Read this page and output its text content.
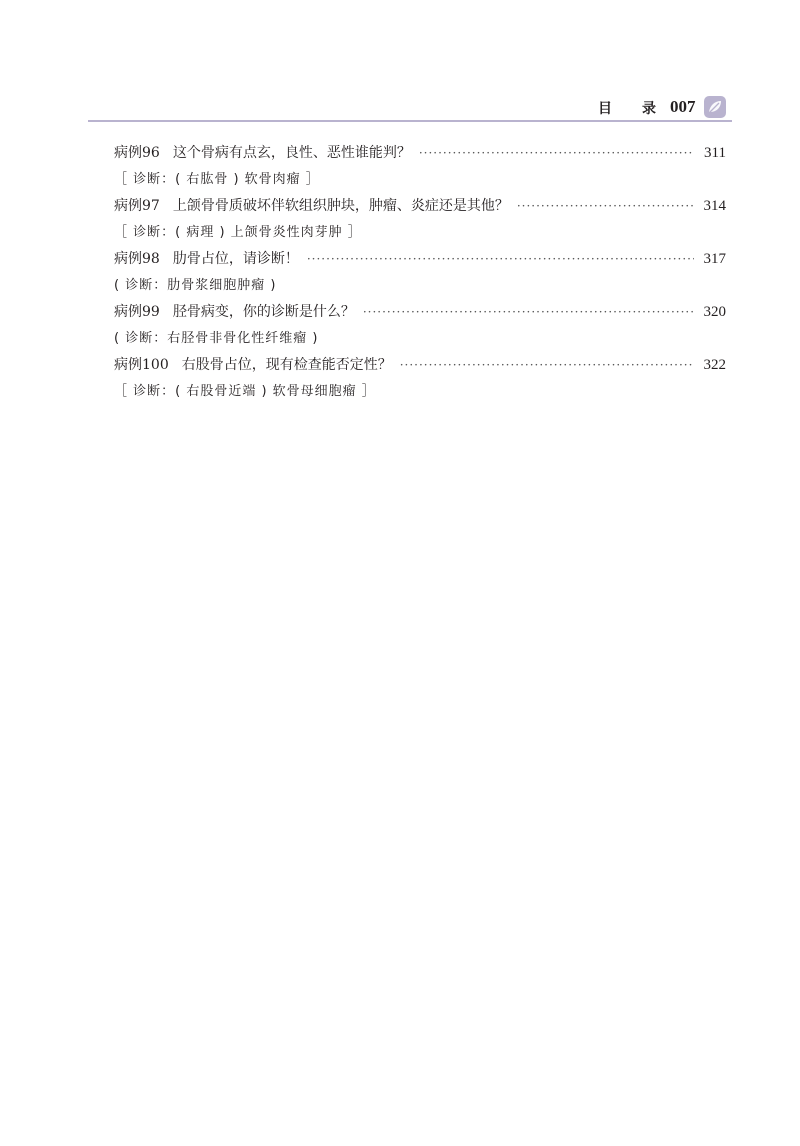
目 录 007
病例96 这个骨病有点玄，良性、恶性谁能判？ ·····	311
［ 诊断：( 右肱骨 ) 软骨肉瘤 ］
病例97 上颌骨骨质破坏伴软组织肿块，肿瘤、炎症还是其他？ ·····	314
［ 诊断：( 病理 ) 上颌骨炎性肉芽肿 ］
病例98 肋骨占位，请诊断！ ·····	317
( 诊断：肋骨浆细胞肿瘤 )
病例99 胫骨病变，你的诊断是什么？ ·····	320
( 诊断：右胫骨非骨化性纤维瘤 )
病例100 右股骨占位，现有检查能否定性？ ·····	322
［ 诊断：( 右股骨近端 ) 软骨母细胞瘤 ］
